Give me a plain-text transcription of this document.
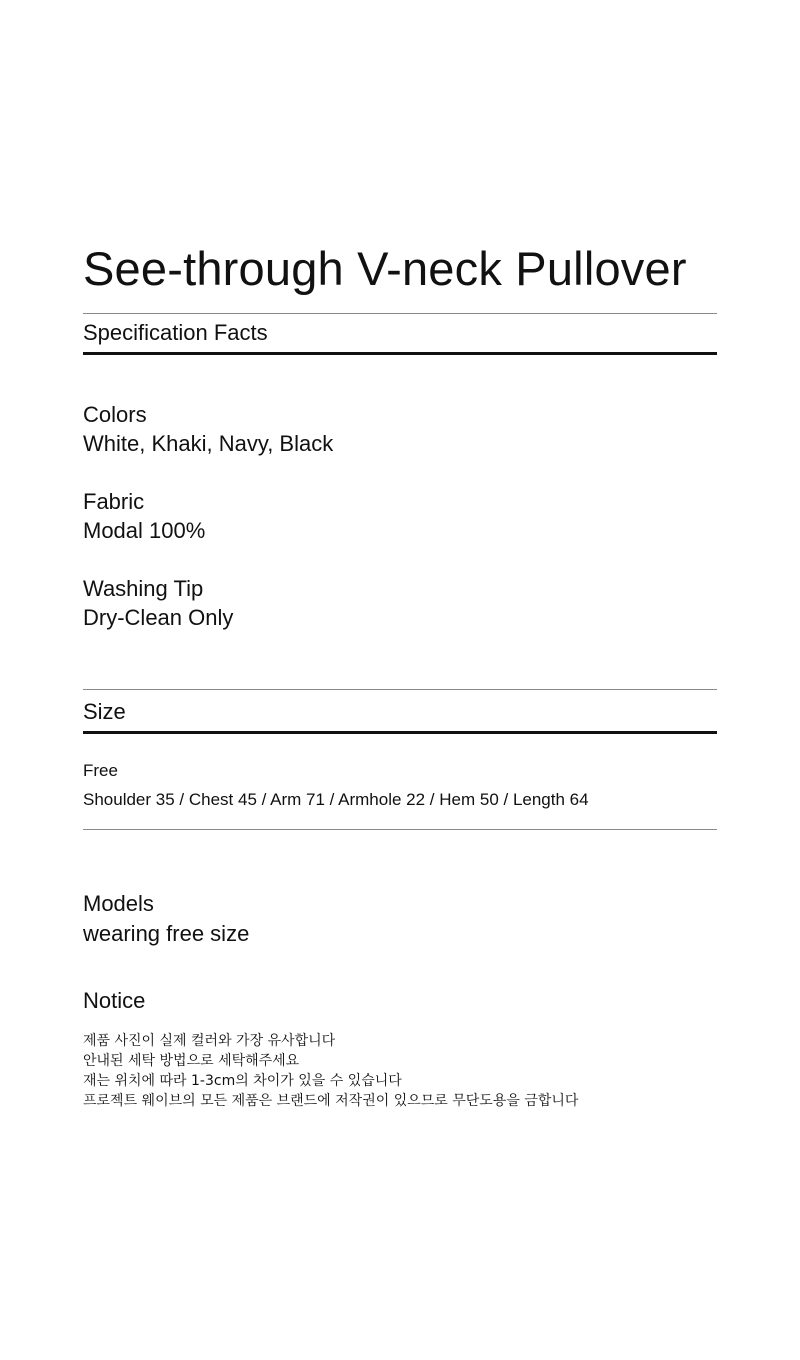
See-through V-neck Pullover
Specification Facts
Colors
White, Khaki, Navy, Black
Fabric
Modal 100%
Washing Tip
Dry-Clean Only
Size
Free
Shoulder 35 / Chest 45 / Arm 71 / Armhole 22 / Hem 50 / Length 64
Models
wearing free size
Notice
제품 사진이 실제 컬러와 가장 유사합니다
안내된 세탁 방법으로 세탁해주세요
재는 위치에 따라 1-3cm의 차이가 있을 수 있습니다
프로젝트 웨이브의 모든 제품은 브랜드에 저작권이 있으므로 무단도용을 금합니다
